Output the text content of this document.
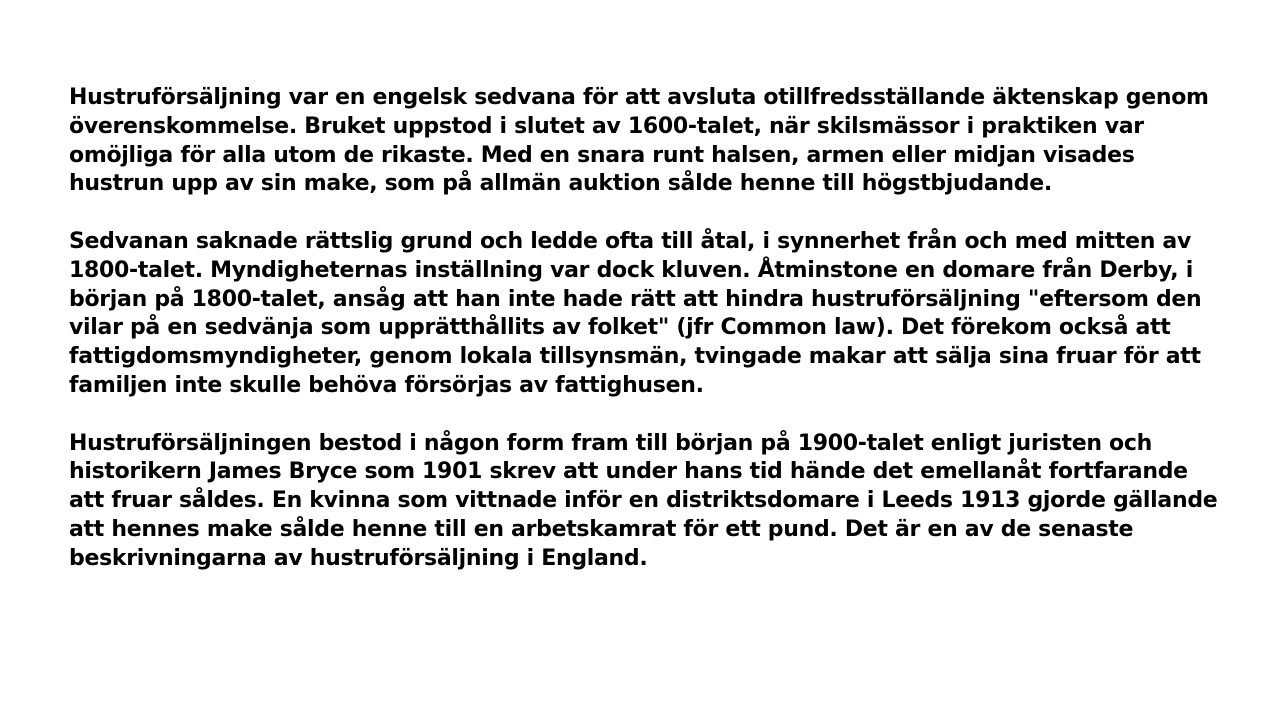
Hustruförsäljning var en engelsk sedvana för att avsluta otillfredsställande äktenskap genom överenskommelse. Bruket uppstod i slutet av 1600-talet, när skilsmässor i praktiken var omöjliga för alla utom de rikaste. Med en snara runt halsen, armen eller midjan visades hustrun upp av sin make, som på allmän auktion sålde henne till högstbjudande.

Sedvanan saknade rättslig grund och ledde ofta till åtal, i synnerhet från och med mitten av 1800-talet. Myndigheternas inställning var dock kluven. Åtminstone en domare från Derby, i början på 1800-talet, ansåg att han inte hade rätt att hindra hustruförsäljning "eftersom den vilar på en sedvänja som upprätthållits av folket" (jfr Common law). Det förekom också att fattigdomsmyndigheter, genom lokala tillsynsmän, tvingade makar att sälja sina fruar för att familjen inte skulle behöva försörjas av fattighusen.

Hustruförsäljningen bestod i någon form fram till början på 1900-talet enligt juristen och historikern James Bryce som 1901 skrev att under hans tid hände det emellanåt fortfarande att fruar såldes. En kvinna som vittnade inför en distriktsdomare i Leeds 1913 gjorde gällande att hennes make sålde henne till en arbetskamrat för ett pund. Det är en av de senaste beskrivningarna av hustruförsäljning i England.
